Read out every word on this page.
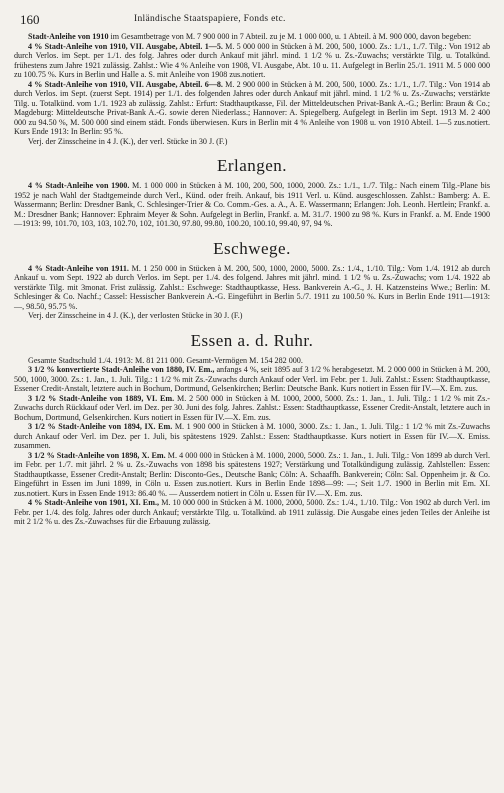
160	Inländische Staatspapiere, Fonds etc.

Stadt-Anleihe von 1910 im Gesamtbetrage von M. 7 900 000 in 7 Abteil. zu je M. 1 000 000, u. 1 Abteil. à M. 900 000, davon begeben:

4 % Stadt-Anleihe von 1910, VII. Ausgabe, Abteil. 1—5. M. 5 000 000 in Stücken à M. 200, 500, 1000. Zs.: 1./1., 1./7. Tilg.: Von 1912 ab durch Verlos. im Sept. per 1./1. des folg. Jahres oder durch Ankauf mit jährl. mind. 1 1/2 % u. Zs.-Zuwachs; verstärkte Tilg. u. Totalkünd. frühestens zum Jahre 1921 zulässig. Zahlst.: Wie 4 % Anleihe von 1908, VI. Ausgabe, Abt. 10 u. 11. Aufgelegt in Berlin 25./1. 1911 M. 5 000 000 zu 100.75 %. Kurs in Berlin und Halle a. S. mit Anleihe von 1908 zus.notiert.

4 % Stadt-Anleihe von 1910, VII. Ausgabe, Abteil. 6—8. M. 2 900 000 in Stücken à M. 200, 500, 1000. Zs.: 1./1., 1./7. Tilg.: Von 1914 ab durch Verlos. im Sept. (zuerst Sept. 1914) per 1./1. des folgenden Jahres oder durch Ankauf mit jährl. mind. 1 1/2 % u. Zs.-Zuwachs; verstärkte Tilg. u. Totalkünd. vom 1./1. 1923 ab zulässig. Zahlst.: Erfurt: Stadthauptkasse, Fil. der Mitteldeutschen Privat-Bank A.-G.; Berlin: Braun & Co.; Magdeburg: Mitteldeutsche Privat-Bank A.-G. sowie deren Niederlass.; Hannover: A. Spiegelberg. Aufgelegt in Berlin im Sept. 1913 M. 2 400 000 zu 94.50 %, M. 500 000 sind einem städt. Fonds überwiesen. Kurs in Berlin mit 4 % Anleihe von 1908 u. von 1910 Abteil. 1—5 zus.notiert. Kurs Ende 1913: In Berlin: 95 %.

Verj. der Zinsscheine in 4 J. (K.), der verl. Stücke in 30 J. (F.)

Erlangen.

4 % Stadt-Anleihe von 1900. M. 1 000 000 in Stücken à M. 100, 200, 500, 1000, 2000. Zs.: 1./1., 1./7. Tilg.: Nach einem Tilg.-Plane bis 1952 je nach Wahl der Stadtgemeinde durch Verl., Künd. oder freih. Ankauf, bis 1911 Verl. u. Künd. ausgeschlossen. Zahlst.: Bamberg: A. E. Wassermann; Berlin: Dresdner Bank, C. Schlesinger-Trier & Co. Comm.-Ges. a. A., A. E. Wassermann; Erlangen: Joh. Leonh. Hertlein; Frankf. a. M.: Dresdner Bank; Hannover: Ephraim Meyer & Sohn. Aufgelegt in Berlin, Frankf. a. M. 31./7. 1900 zu 98 %. Kurs in Frankf. a. M. Ende 1900—1913: 99, 101.70, 103, 103, 102.70, 102, 101.30, 97.80, 99.80, 100.20, 100.10, 99.40, 97, 94 %.

Eschwege.

4 % Stadt-Anleihe von 1911. M. 1 250 000 in Stücken à M. 200, 500, 1000, 2000, 5000. Zs.: 1./4., 1./10. Tilg.: Vom 1./4. 1912 ab durch Ankauf u. vom Sept. 1922 ab durch Verlos. im Sept. per 1./4. des folgend. Jahres mit jährl. mind. 1 1/2 % u. Zs.-Zuwachs; vom 1./4. 1922 ab verstärkte Tilg. mit 3monat. Frist zulässig. Zahlst.: Eschwege: Stadthauptkasse, Hess. Bankverein A.-G., J. H. Katzensteins Wwe.; Berlin: M. Schlesinger & Co. Nachf.; Cassel: Hessischer Bankverein A.-G. Eingeführt in Berlin 5./7. 1911 zu 100.50 %. Kurs in Berlin Ende 1911—1913: —, 98.50, 95.75 %.

Verj. der Zinsscheine in 4 J. (K.), der verlosten Stücke in 30 J. (F.)

Essen a. d. Ruhr.

Gesamte Stadtschuld 1./4. 1913: M. 81 211 000. Gesamt-Vermögen M. 154 282 000.

3 1/2 % konvertierte Stadt-Anleihe von 1880, IV. Em., anfangs 4 %, seit 1895 auf 3 1/2 % herabgesetzt. M. 2 000 000 in Stücken à M. 200, 500, 1000, 3000. Zs.: 1. Jan., 1. Juli. Tilg.: 1 1/2 % mit Zs.-Zuwachs durch Ankauf oder Verl. im Febr. per 1. Juli. Zahlst.: Essen: Stadthauptkasse, Essener Credit-Anstalt, letztere auch in Bochum, Dortmund, Gelsenkirchen; Berlin: Deutsche Bank. Kurs notiert in Essen für IV.—X. Em. zus.

3 1/2 % Stadt-Anleihe von 1889, VI. Em. M. 2 500 000 in Stücken à M. 1000, 2000, 5000. Zs.: 1. Jan., 1. Juli. Tilg.: 1 1/2 % mit Zs.-Zuwachs durch Rückkauf oder Verl. im Dez. per 30. Juni des folg. Jahres. Zahlst.: Essen: Stadthauptkasse, Essener Credit-Anstalt, letztere auch in Bochum, Dortmund, Gelsenkirchen. Kurs notiert in Essen für IV.—X. Em. zus.

3 1/2 % Stadt-Anleihe von 1894, IX. Em. M. 1 900 000 in Stücken à M. 1000, 3000. Zs.: 1. Jan., 1. Juli. Tilg.: 1 1/2 % mit Zs.-Zuwachs durch Ankauf oder Verl. im Dez. per 1. Juli, bis spätestens 1929. Zahlst.: Essen: Stadthauptkasse. Kurs notiert in Essen für IV.—X. Emiss. zusammen.

3 1/2 % Stadt-Anleihe von 1898, X. Em. M. 4 000 000 in Stücken à M. 1000, 2000, 5000. Zs.: 1. Jan., 1. Juli. Tilg.: Von 1899 ab durch Verl. im Febr. per 1./7. mit jährl. 2 % u. Zs.-Zuwachs von 1898 bis spätestens 1927; Verstärkung und Totalkündigung zulässig. Zahlstellen: Essen: Stadthauptkasse, Essener Credit-Anstalt; Berlin: Disconto-Ges., Deutsche Bank; Cöln: A. Schaaffh. Bankverein; Cöln: Sal. Oppenheim jr. & Co. Eingeführt in Essen im Juni 1899, in Cöln u. Essen zus.notiert. Kurs in Berlin Ende 1898—99: —; Seit 1./7. 1900 in Berlin mit Em. XI. zus.notiert. Kurs in Essen Ende 1913: 86.40 %. — Ausserdem notiert in Cöln u. Essen für IV.—X. Em. zus.

4 % Stadt-Anleihe von 1901, XI. Em., M. 10 000 000 in Stücken à M. 1000, 2000, 5000. Zs.: 1./4., 1./10. Tilg.: Von 1902 ab durch Verl. im Febr. per 1./4. des folg. Jahres oder durch Ankauf; verstärkte Tilg. u. Totalkünd. ab 1911 zulässig. Die Ausgabe eines jeden Teiles der Anleihe ist mit 2 1/2 % u. des Zs.-Zuwachses für die Erbauung zulässig.
